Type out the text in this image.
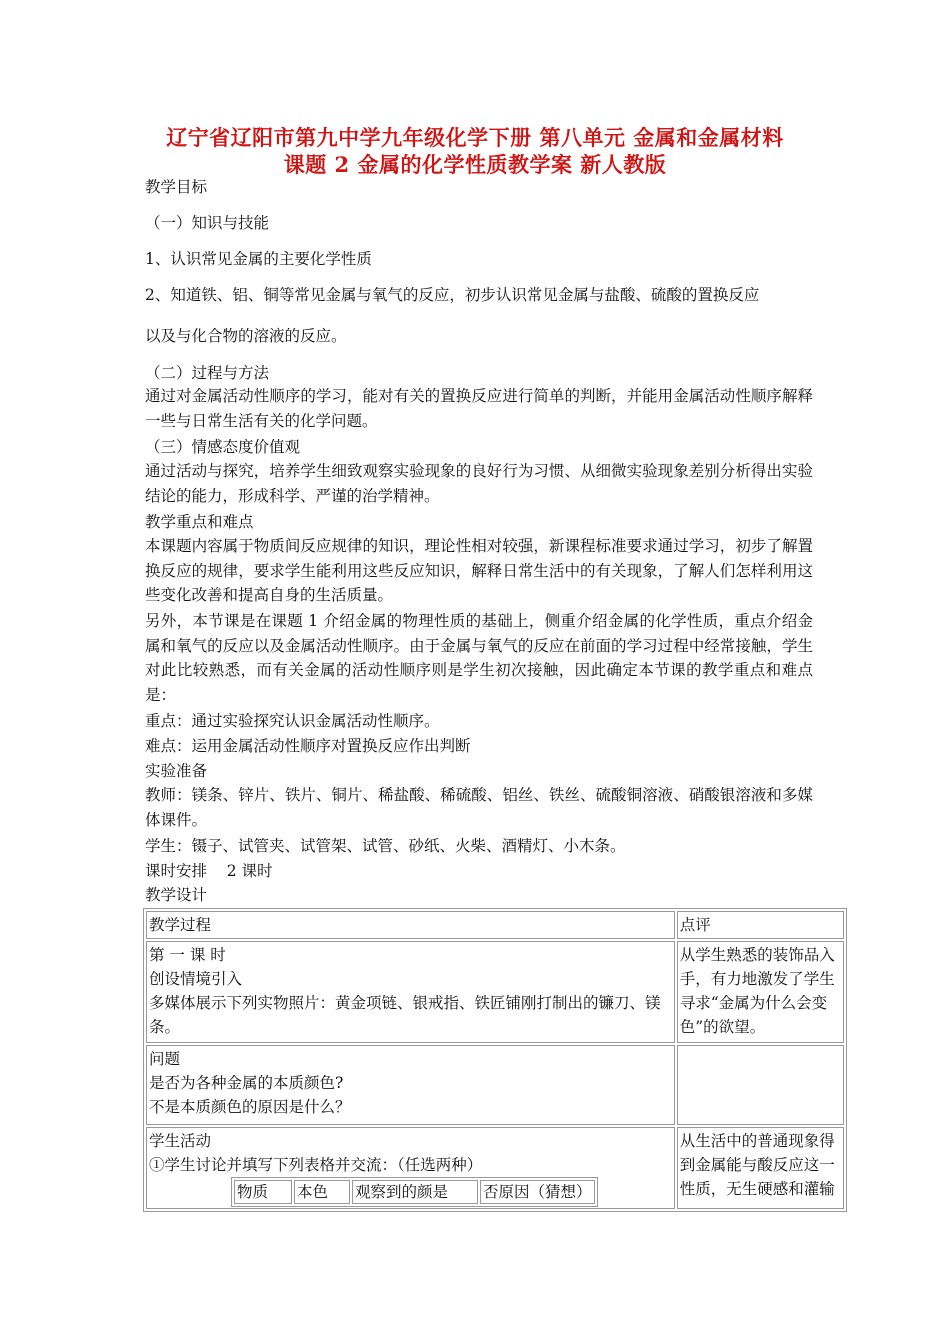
辽宁省辽阳市第九中学九年级化学下册 第八单元 金属和金属材料
课题 2 金属的化学性质教学案 新人教版
教学目标
（一）知识与技能
1、认识常见金属的主要化学性质
2、知道铁、铝、铜等常见金属与氧气的反应，初步认识常见金属与盐酸、硫酸的置换反应
以及与化合物的溶液的反应。
（二）过程与方法
通过对金属活动性顺序的学习，能对有关的置换反应进行简单的判断，并能用金属活动性顺序解释一些与日常生活有关的化学问题。
（三）情感态度价值观
通过活动与探究，培养学生细致观察实验现象的良好行为习惯、从细微实验现象差别分析得出实验结论的能力，形成科学、严谨的治学精神。
教学重点和难点
本课题内容属于物质间反应规律的知识，理论性相对较强，新课程标准要求通过学习，初步了解置换反应的规律，要求学生能利用这些反应知识，解释日常生活中的有关现象，了解人们怎样利用这些变化改善和提高自身的生活质量。
另外，本节课是在课题 1 介绍金属的物理性质的基础上，侧重介绍金属的化学性质，重点介绍金属和氧气的反应以及金属活动性顺序。由于金属与氧气的反应在前面的学习过程中经常接触，学生对此比较熟悉，而有关金属的活动性顺序则是学生初次接触，因此确定本节课的教学重点和难点是：
重点：通过实验探究认识金属活动性顺序。
难点：运用金属活动性顺序对置换反应作出判断
实验准备
教师：镁条、锌片、铁片、铜片、稀盐酸、稀硫酸、铝丝、铁丝、硫酸铜溶液、硝酸银溶液和多媒体课件。
学生：镊子、试管夹、试管架、试管、砂纸、火柴、酒精灯、小木条。
课时安排    2 课时
教学设计
教学过程	点评

第 一 课 时
创设情境引入
多媒体展示下列实物照片：黄金项链、银戒指、铁匠铺刚打制出的镰刀、镁条。
	从学生熟悉的装饰品入手，有力地激发了学生寻求“金属为什么会变色”的欲望。

问题
是否为各种金属的本质颜色?
不是本质颜色的原因是什么？

学生活动
①学生讨论并填写下列表格并交流：（任选两种）
物质	本色	观察到的颜是	否原因（猜想）
	从生活中的普通现象得到金属能与酸反应这一性质，无生硬感和灌输
